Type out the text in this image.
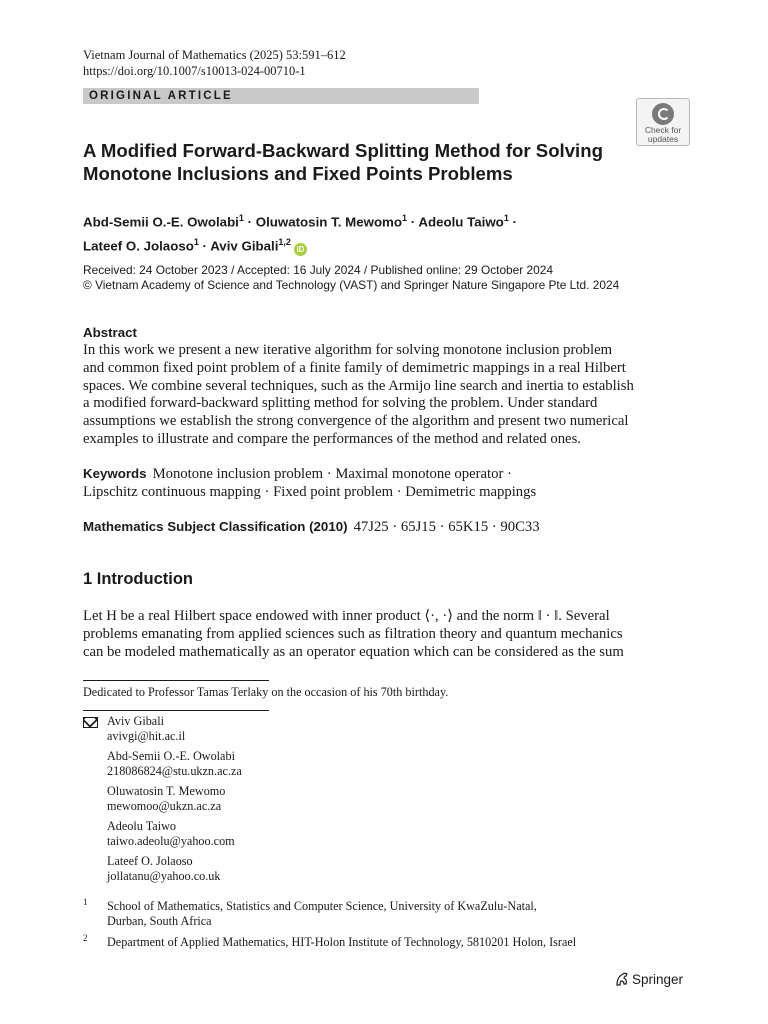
Vietnam Journal of Mathematics (2025) 53:591–612
https://doi.org/10.1007/s10013-024-00710-1
ORIGINAL ARTICLE
Check for
updates
A Modified Forward-Backward Splitting Method for Solving
Monotone Inclusions and Fixed Points Problems
Abd-Semii O.-E. Owolabi$^1$ · Oluwatosin T. Mewomo$^1$ · Adeolu Taiwo$^1$ ·
Lateef O. Jolaoso$^1$ · Aviv Gibali$^{1,2}$iD
Received: 24 October 2023 / Accepted: 16 July 2024 / Published online: 29 October 2024
© Vietnam Academy of Science and Technology (VAST) and Springer Nature Singapore Pte Ltd. 2024
Abstract
In this work we present a new iterative algorithm for solving monotone inclusion problem
and common fixed point problem of a finite family of demimetric mappings in a real Hilbert
spaces. We combine several techniques, such as the Armijo line search and inertia to establish
a modified forward-backward splitting method for solving the problem. Under standard
assumptions we establish the strong convergence of the algorithm and present two numerical
examples to illustrate and compare the performances of the method and related ones.
Keywords Monotone inclusion problem · Maximal monotone operator ·
Lipschitz continuous mapping · Fixed point problem · Demimetric mappings
Mathematics Subject Classification (2010) 47J25 · 65J15 · 65K15 · 90C33
1 Introduction
Let H be a real Hilbert space endowed with inner product ⟨·, ·⟩ and the norm ‖ · ‖. Several
problems emanating from applied sciences such as filtration theory and quantum mechanics
can be modeled mathematically as an operator equation which can be considered as the sum
Dedicated to Professor Tamas Terlaky on the occasion of his 70th birthday.
Aviv Gibali
avivgi@hit.ac.il
Abd-Semii O.-E. Owolabi
218086824@stu.ukzn.ac.za
Oluwatosin T. Mewomo
mewomoo@ukzn.ac.za
Adeolu Taiwo
taiwo.adeolu@yahoo.com
Lateef O. Jolaoso
jollatanu@yahoo.co.uk
1 School of Mathematics, Statistics and Computer Science, University of KwaZulu-Natal,
Durban, South Africa
2 Department of Applied Mathematics, HIT-Holon Institute of Technology, 5810201 Holon, Israel
Springer
